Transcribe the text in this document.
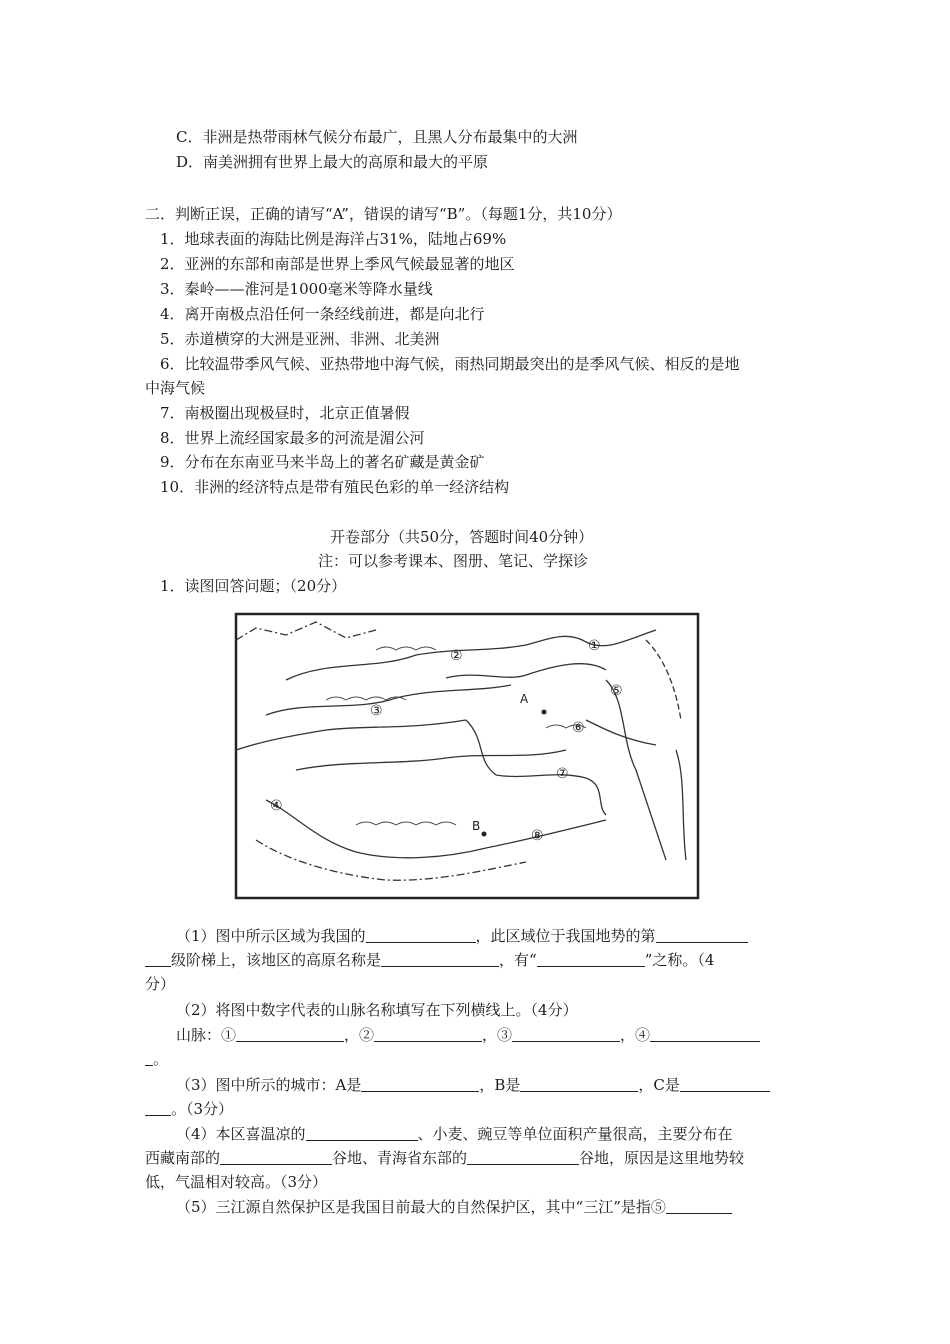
C．非洲是热带雨林气候分布最广，且黑人分布最集中的大洲
D．南美洲拥有世界上最大的高原和最大的平原
二．判断正误，正确的请写“A”，错误的请写“B”。（每题1分，共10分）
1．地球表面的海陆比例是海洋占31%，陆地占69%
2．亚洲的东部和南部是世界上季风气候最显著的地区
3．秦岭——淮河是1000毫米等降水量线
4．离开南极点沿任何一条经线前进，都是向北行
5．赤道横穿的大洲是亚洲、非洲、北美洲
6．比较温带季风气候、亚热带地中海气候，雨热同期最突出的是季风气候、相反的是地
中海气候
7．南极圈出现极昼时，北京正值暑假
8．世界上流经国家最多的河流是湄公河
9．分布在东南亚马来半岛上的著名矿藏是黄金矿
10．非洲的经济特点是带有殖民色彩的单一经济结构
开卷部分（共50分，答题时间40分钟）
注：可以参考课本、图册、笔记、学探诊
1．读图回答问题；（20分）
①
②
③
④
⑤
⑥
⑦
⑧
A
B
（1）图中所示区域为我国的	，此区域位于我国地势的第
级阶梯上，该地区的高原名称是	，有“	”之称。（4
分）
（2）将图中数字代表的山脉名称填写在下列横线上。（4分）
山脉：①	，②	，③	，④
。
（3）图中所示的城市：A是	，B是	，C是
。（3分）
（4）本区喜温凉的	、小麦、豌豆等单位面积产量很高，主要分布在
西藏南部的	谷地、青海省东部的	谷地，原因是这里地势较
低，气温相对较高。（3分）
（5）三江源自然保护区是我国目前最大的自然保护区，其中“三江”是指⑤
